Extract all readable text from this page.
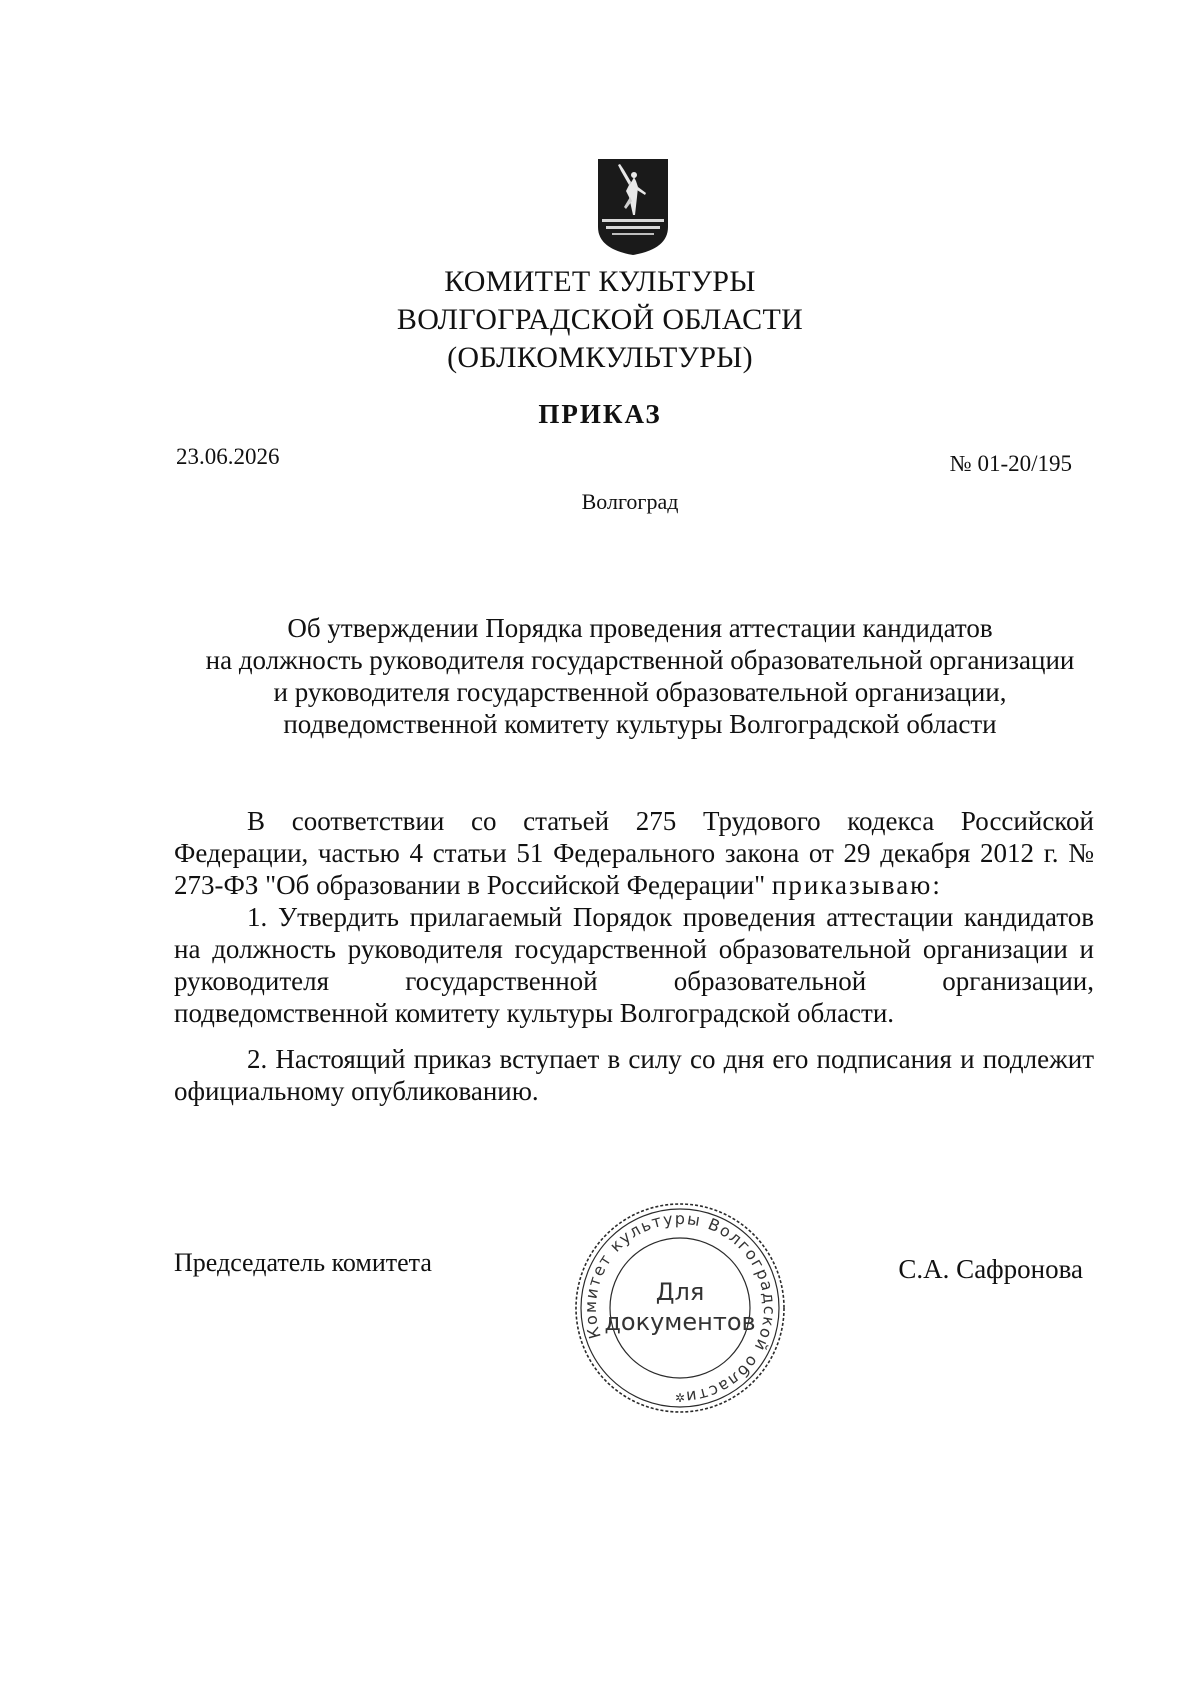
КОМИТЕТ КУЛЬТУРЫ
ВОЛГОГРАДСКОЙ ОБЛАСТИ
(ОБЛКОМКУЛЬТУРЫ)
ПРИКАЗ
23.06.2026	№ 01-20/195
Волгоград
Об утверждении Порядка проведения аттестации кандидатов
на должность руководителя государственной образовательной организации
и руководителя государственной образовательной организации,
подведомственной комитету культуры Волгоградской области

В соответствии со статьей 275 Трудового кодекса Российской Федерации, частью 4 статьи 51 Федерального закона от 29 декабря 2012 г. № 273-ФЗ "Об образовании в Российской Федерации" приказываю:

1. Утвердить прилагаемый Порядок проведения аттестации кандидатов на должность руководителя государственной образовательной организации и руководителя государственной образовательной организации, подведомственной комитету культуры Волгоградской области.

2. Настоящий приказ вступает в силу со дня его подписания и подлежит официальному опубликованию.

Председатель комитета
Комитет культуры Волгоградской области
✲
Для
документов
С.А. Сафронова
